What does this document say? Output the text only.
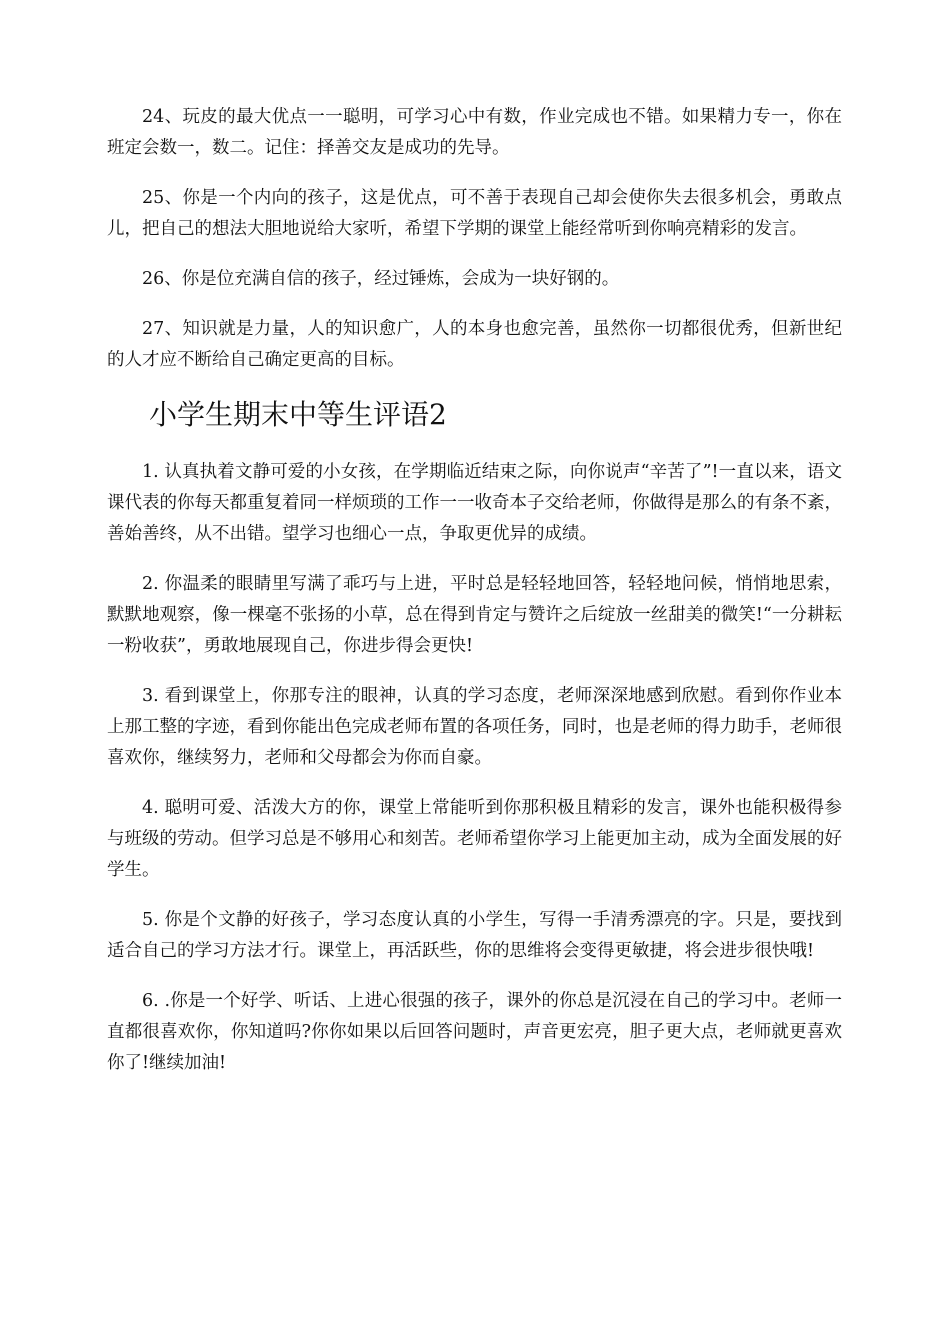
24、玩皮的最大优点一一聪明，可学习心中有数，作业完成也不错。如果精力专一，你在班定会数一，数二。记住：择善交友是成功的先导。

25、你是一个内向的孩子，这是优点，可不善于表现自己却会使你失去很多机会，勇敢点儿，把自己的想法大胆地说给大家听，希望下学期的课堂上能经常听到你响亮精彩的发言。

26、你是位充满自信的孩子，经过锤炼，会成为一块好钢的。

27、知识就是力量，人的知识愈广，人的本身也愈完善，虽然你一切都很优秀，但新世纪的人才应不断给自己确定更高的目标。

小学生期末中等生评语2

1. 认真执着文静可爱的小女孩，在学期临近结束之际，向你说声“辛苦了”!一直以来，语文课代表的你每天都重复着同一样烦琐的工作一一收奇本子交给老师，你做得是那么的有条不紊，善始善终，从不出错。望学习也细心一点，争取更优异的成绩。

2. 你温柔的眼睛里写满了乖巧与上进，平时总是轻轻地回答，轻轻地问候，悄悄地思索，默默地观察，像一棵毫不张扬的小草，总在得到肯定与赞许之后绽放一丝甜美的微笑!“一分耕耘一粉收获”，勇敢地展现自己，你进步得会更快!

3. 看到课堂上，你那专注的眼神，认真的学习态度，老师深深地感到欣慰。看到你作业本上那工整的字迹，看到你能出色完成老师布置的各项任务，同时，也是老师的得力助手，老师很喜欢你，继续努力，老师和父母都会为你而自豪。

4. 聪明可爱、活泼大方的你，课堂上常能听到你那积极且精彩的发言，课外也能积极得参与班级的劳动。但学习总是不够用心和刻苦。老师希望你学习上能更加主动，成为全面发展的好学生。

5. 你是个文静的好孩子，学习态度认真的小学生，写得一手清秀漂亮的字。只是，要找到适合自己的学习方法才行。课堂上，再活跃些，你的思维将会变得更敏捷，将会进步很快哦!

6. .你是一个好学、听话、上进心很强的孩子，课外的你总是沉浸在自己的学习中。老师一直都很喜欢你，你知道吗?你你如果以后回答问题时，声音更宏亮，胆子更大点，老师就更喜欢你了!继续加油!
